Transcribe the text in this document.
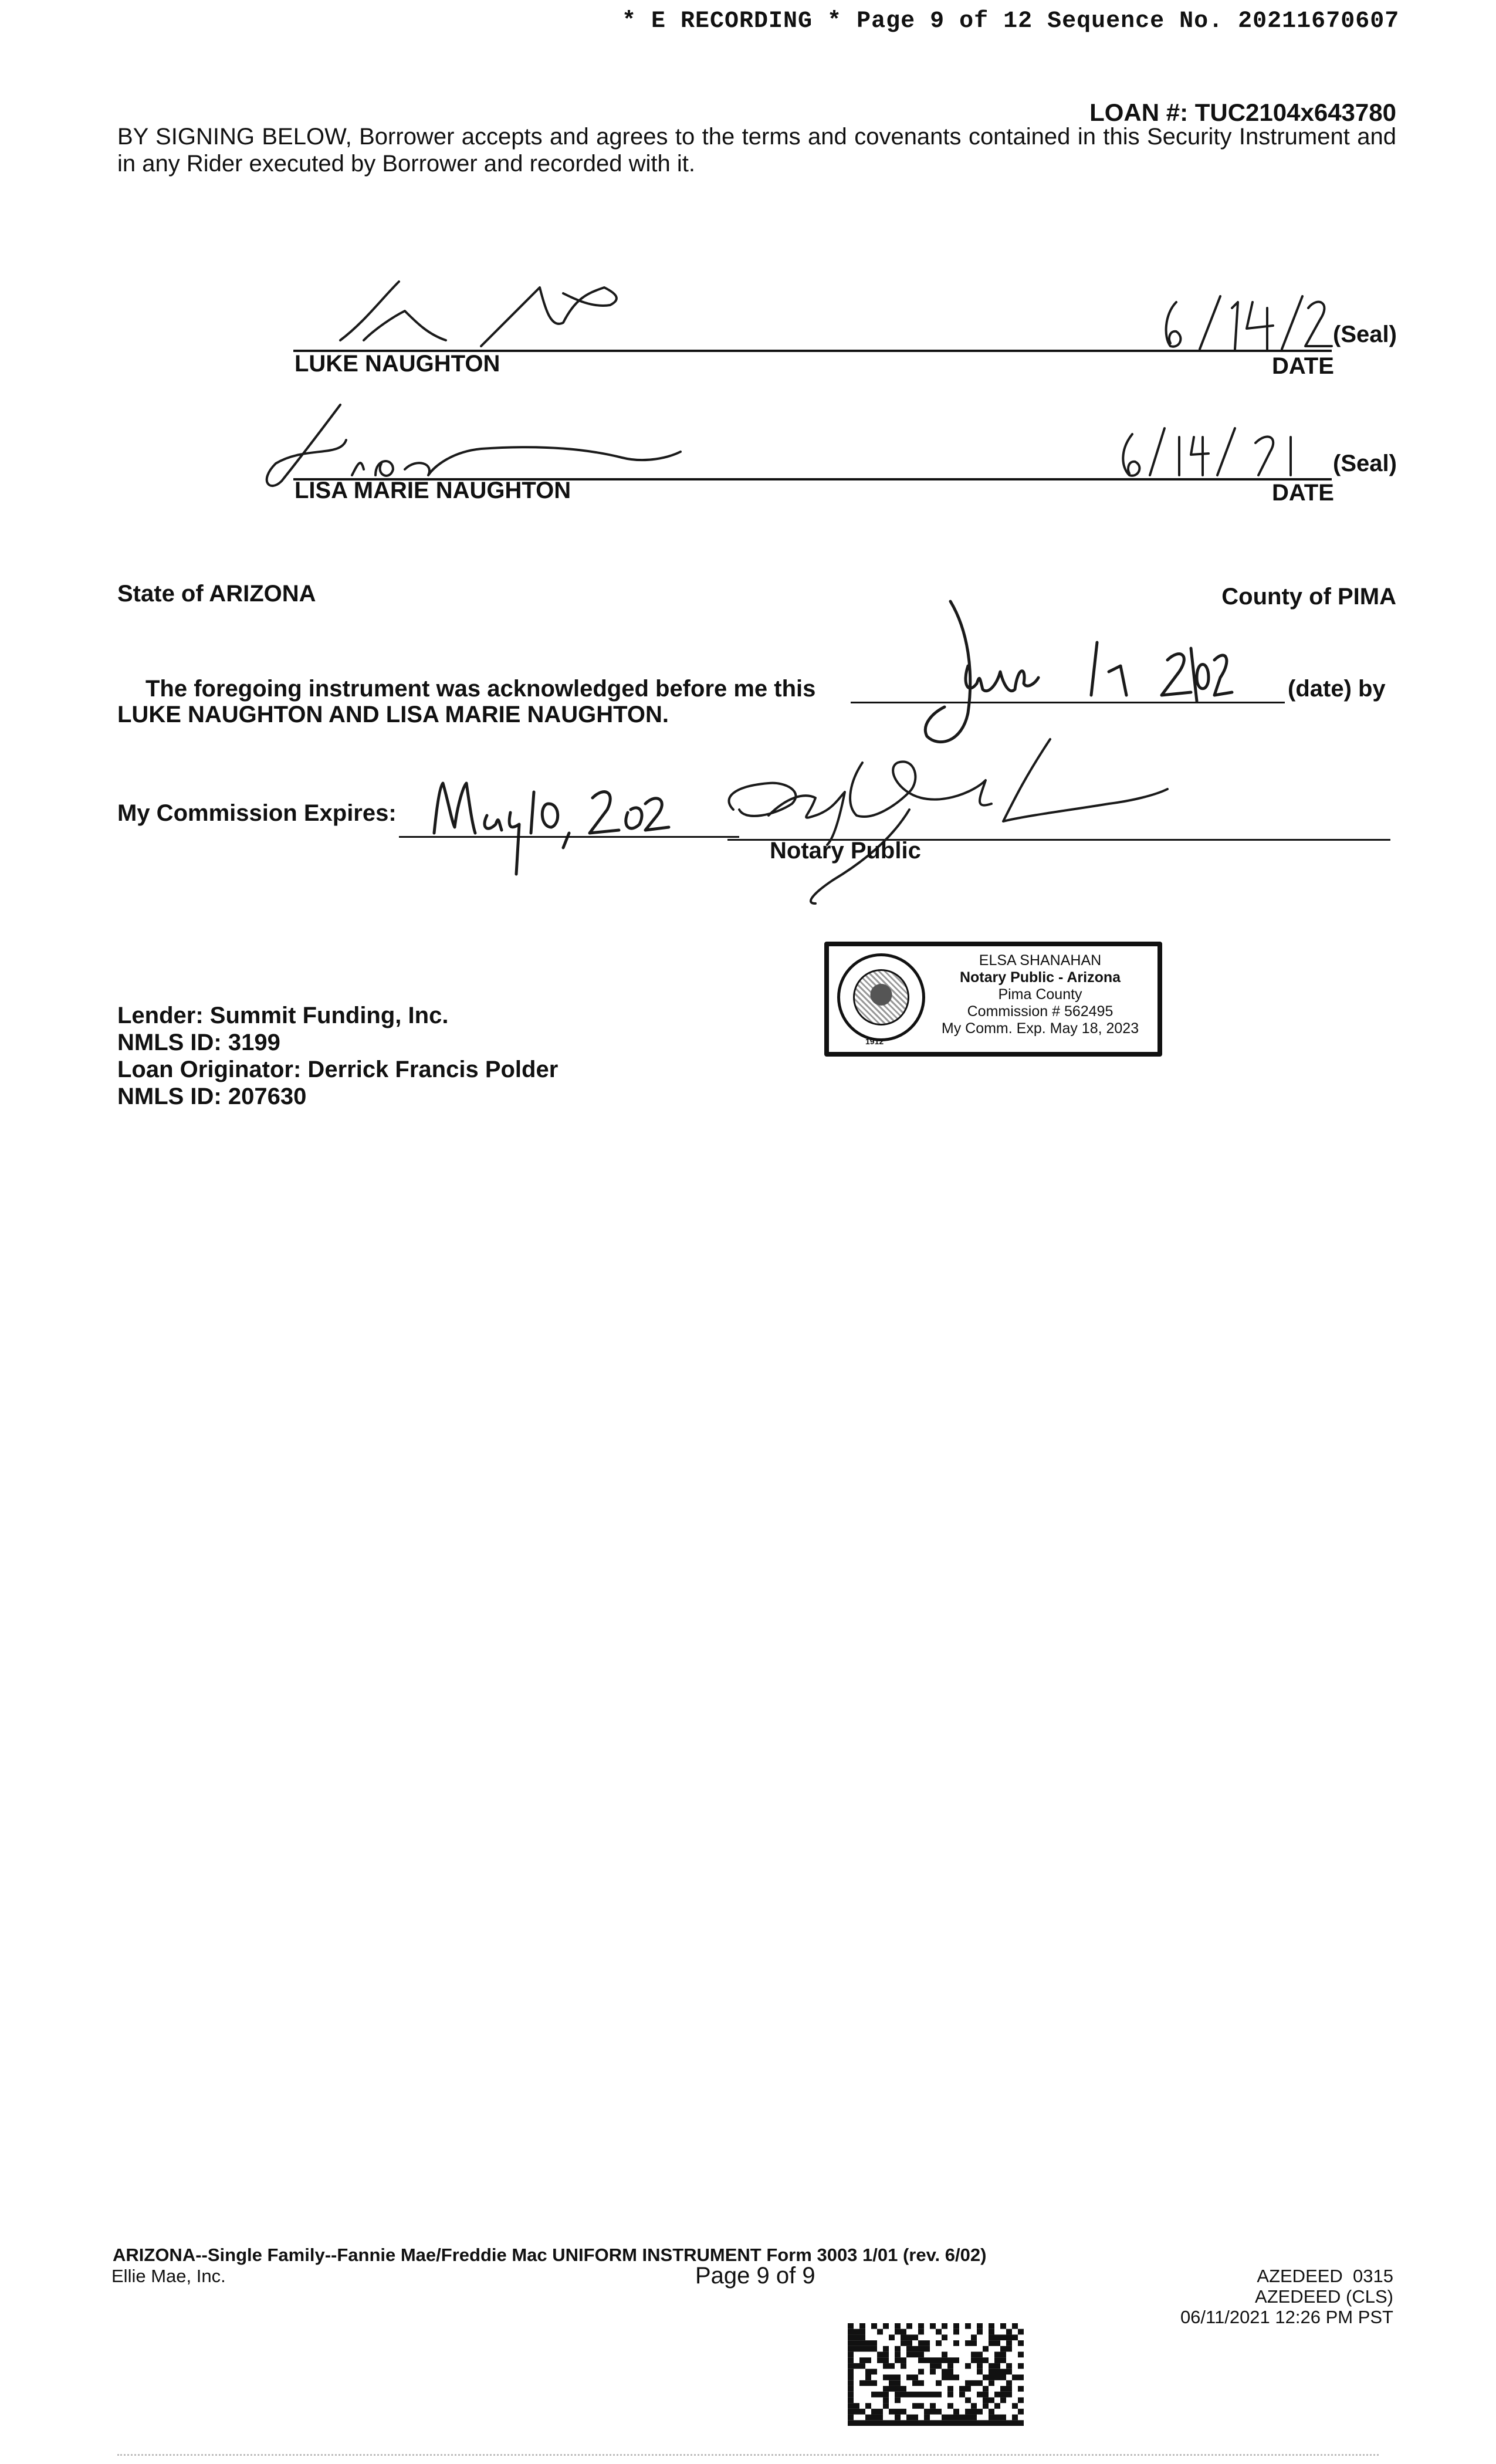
* E RECORDING * Page 9 of 12 Sequence No. 20211670607
LOAN #: TUC2104x643780
BY SIGNING BELOW, Borrower accepts and agrees to the terms and covenants contained in this Security Instrument and in any Rider executed by Borrower and recorded with it.
LUKE NAUGHTON	DATE
(Seal)
LISA MARIE NAUGHTON	DATE
(Seal)
State of ARIZONA	County of PIMA
The foregoing instrument was acknowledged before me this	(date) by
LUKE NAUGHTON AND LISA MARIE NAUGHTON.
My Commission Expires:
Notary Public
1912
ELSA SHANAHAN
Notary Public - Arizona
Pima County
Commission # 562495
My Comm. Exp. May 18, 2023
Lender: Summit Funding, Inc.
NMLS ID: 3199
Loan Originator: Derrick Francis Polder
NMLS ID: 207630
ARIZONA--Single Family--Fannie Mae/Freddie Mac UNIFORM INSTRUMENT Form 3003 1/01 (rev. 6/02)
Ellie Mae, Inc.	Page 9 of 9	AZEDEED  0315
AZEDEED (CLS)
06/11/2021 12:26 PM PST
